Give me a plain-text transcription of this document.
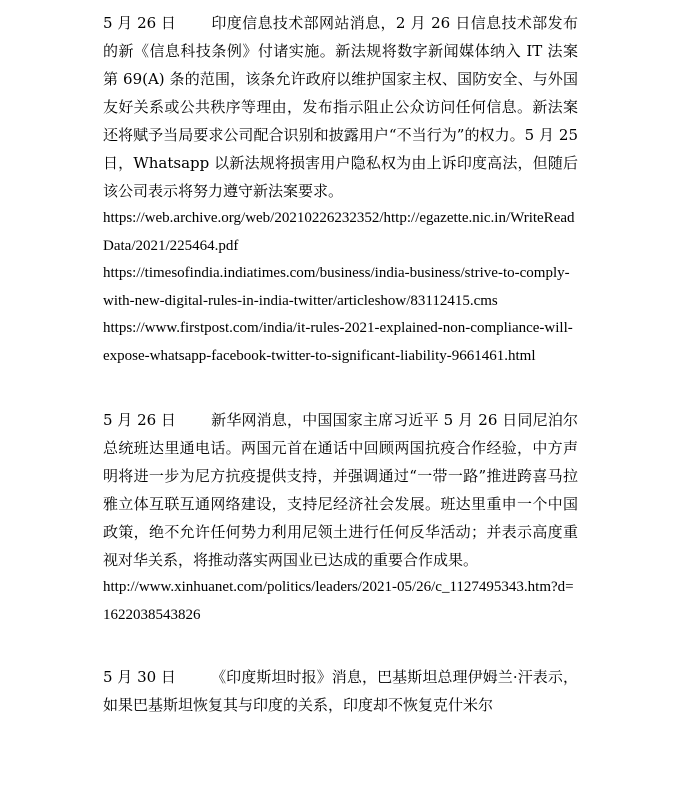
5 月 26 日 印度信息技术部网站消息，2 月 26 日信息技术部发布的新《信息科技条例》付诸实施。新法规将数字新闻媒体纳入 IT 法案第 69(A) 条的范围，该条允许政府以维护国家主权、国防安全、与外国友好关系或公共秩序等理由，发布指示阻止公众访问任何信息。新法案还将赋予当局要求公司配合识别和披露用户“不当行为”的权力。5 月 25 日，Whatsapp 以新法规将损害用户隐私权为由上诉印度高法，但随后该公司表示将努力遵守新法案要求。

https://web.archive.org/web/20210226232352/http://egazette.nic.in/WriteReadData/2021/225464.pdf

https://timesofindia.indiatimes.com/business/india-business/strive-to-comply-with-new-digital-rules-in-india-twitter/articleshow/83112415.cms

https://www.firstpost.com/india/it-rules-2021-explained-non-compliance-will-expose-whatsapp-facebook-twitter-to-significant-liability-9661461.html

5 月 26 日 新华网消息，中国国家主席习近平 5 月 26 日同尼泊尔总统班达里通电话。两国元首在通话中回顾两国抗疫合作经验，中方声明将进一步为尼方抗疫提供支持，并强调通过“一带一路”推进跨喜马拉雅立体互联互通网络建设，支持尼经济社会发展。班达里重申一个中国政策，绝不允许任何势力利用尼领土进行任何反华活动；并表示高度重视对华关系，将推动落实两国业已达成的重要合作成果。

http://www.xinhuanet.com/politics/leaders/2021-05/26/c_1127495343.htm?d=1622038543826

5 月 30 日 《印度斯坦时报》消息，巴基斯坦总理伊姆兰·汗表示，如果巴基斯坦恢复其与印度的关系，印度却不恢复克什米尔
